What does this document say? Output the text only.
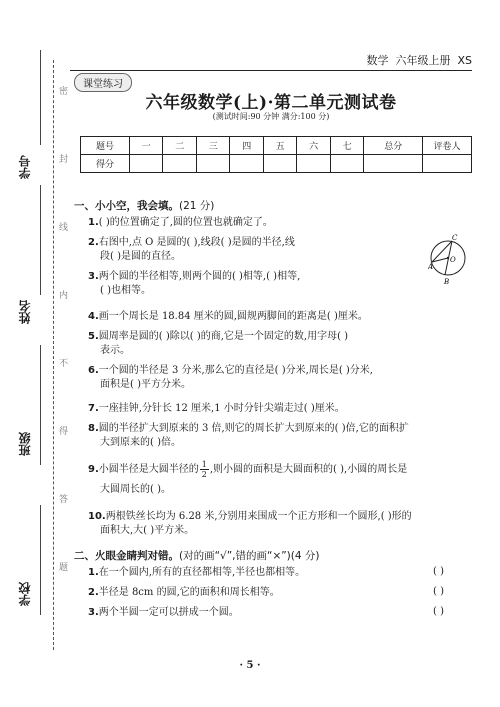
学号
姓名
班级
学校
密
封
线
内
不
得
答
题
数学 六年级上册 XS
课堂练习
六年级数学(上)·第二单元测试卷
(测试时间:90 分钟 满分:100 分)
题号	一	二	三	四	五	六	七	总分	评卷人
得分									
一、小小空，我会填。(21 分)
1.( )的位置确定了,圆的位置也就确定了。
2.右图中,点 O 是圆的( ),线段( )是圆的半径,线
段( )是圆的直径。
3.两个圆的半径相等,则两个圆的( )相等,( )相等,
( )也相等。
4.画一个周长是 18.84 厘米的圆,圆规两脚间的距离是( )厘米。
5.圆周率是圆的( )除以( )的商,它是一个固定的数,用字母( )
表示。
6.一个圆的半径是 3 分米,那么它的直径是( )分米,周长是( )分米,
面积是( )平方分米。
7.一座挂钟,分针长 12 厘米,1 小时分针尖端走过( )厘米。
8.圆的半径扩大到原来的 3 倍,则它的周长扩大到原来的( )倍,它的面积扩
大到原来的( )倍。
9.小圆半径是大圆半径的 $\frac{1}{2}$ ,则小圆的面积是大圆面积的( ),小圆的周长是
大圆周长的( )。
10.两根铁丝长均为 6.28 米,分别用来围成一个正方形和一个圆形,( )形的
面积大,大( )平方米。
C
O
A
B
二、火眼金睛判对错。(对的画“√”,错的画“×”)(4 分)
1.在一个圆内,所有的直径都相等,半径也都相等。	( )
2.半径是 8cm 的圆,它的面积和周长相等。	( )
3.两个半圆一定可以拼成一个圆。	( )
· 5 ·
